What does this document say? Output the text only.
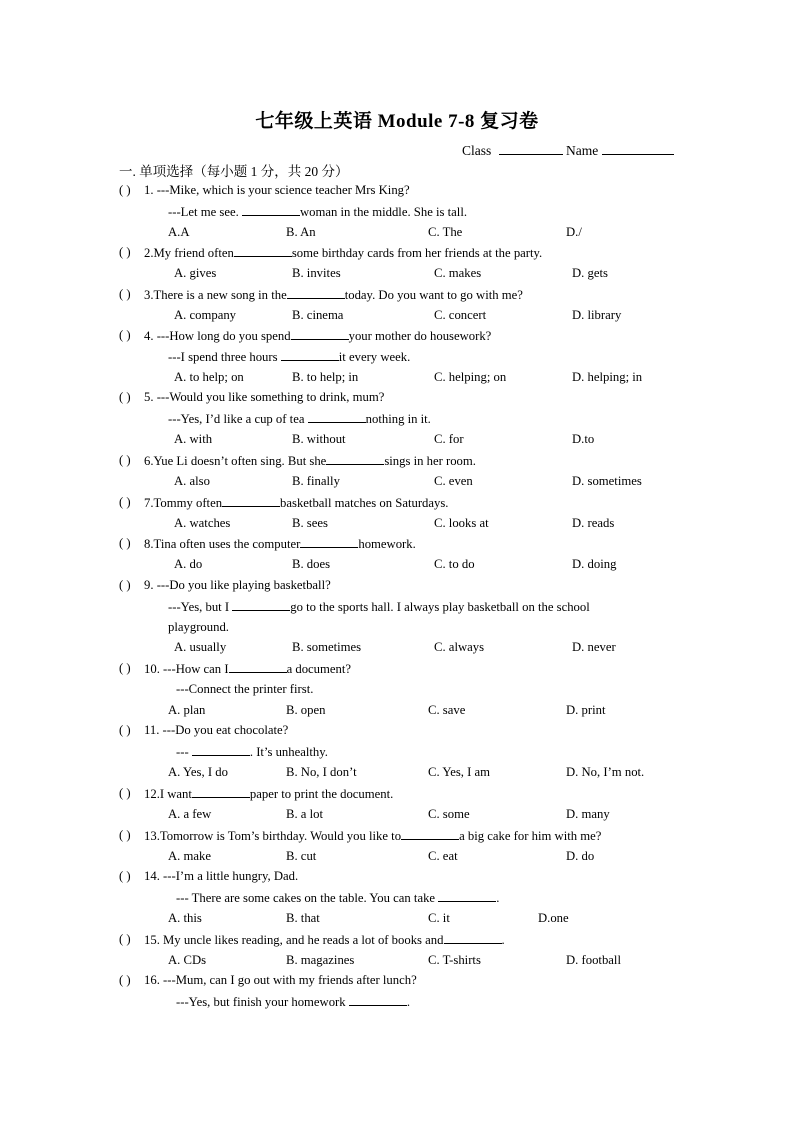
七年级上英语 Module 7-8 复习卷
Class	Name
一. 单项选择（每小题 1 分，共 20 分）
( ) 1. ---Mike, which is your science teacher Mrs King?
---Let me see.	woman in the middle. She is tall.
A.A	B. An	C. The	D./
( ) 2.My friend often	some birthday cards from her friends at the party.
A. gives	B. invites	C. makes	D. gets
( ) 3.There is a new song in the	today. Do you want to go with me?
A. company	B. cinema	C. concert	D. library
( ) 4. ---How long do you spend	your mother do housework?
---I spend three hours	it every week.
A. to help; on	B. to help; in	C. helping; on	D. helping; in
( ) 5. ---Would you like something to drink, mum?
---Yes, I’d like a cup of tea	nothing in it.
A. with	B. without	C. for	D.to
( ) 6.Yue Li doesn’t often sing. But she	sings in her room.
A. also	B. finally	C. even	D. sometimes
( ) 7.Tommy often	basketball matches on Saturdays.
A. watches	B. sees	C. looks at	D. reads
( ) 8.Tina often uses the computer	homework.
A. do	B. does	C. to do	D. doing
( ) 9. ---Do you like playing basketball?
---Yes, but I	go to the sports hall. I always play basketball on the school
playground.
A. usually	B. sometimes	C. always	D. never
( ) 10. ---How can I	a document?
---Connect the printer first.
A. plan	B. open	C. save	D. print
( ) 11. ---Do you eat chocolate?
---	. It’s unhealthy.
A. Yes, I do	B. No, I don’t	C. Yes, I am	D. No, I’m not.
( ) 12.I want	paper to print the document.
A. a few	B. a lot	C. some	D. many
( ) 13.Tomorrow is Tom’s birthday. Would you like to	a big cake for him with me?
A. make	B. cut	C. eat	D. do
( ) 14. ---I’m a little hungry, Dad.
--- There are some cakes on the table. You can take	.
A. this	B. that	C. it	D.one
( ) 15. My uncle likes reading, and he reads a lot of books and	.
A. CDs	B. magazines	C. T-shirts	D. football
( ) 16. ---Mum, can I go out with my friends after lunch?
---Yes, but finish your homework	.
